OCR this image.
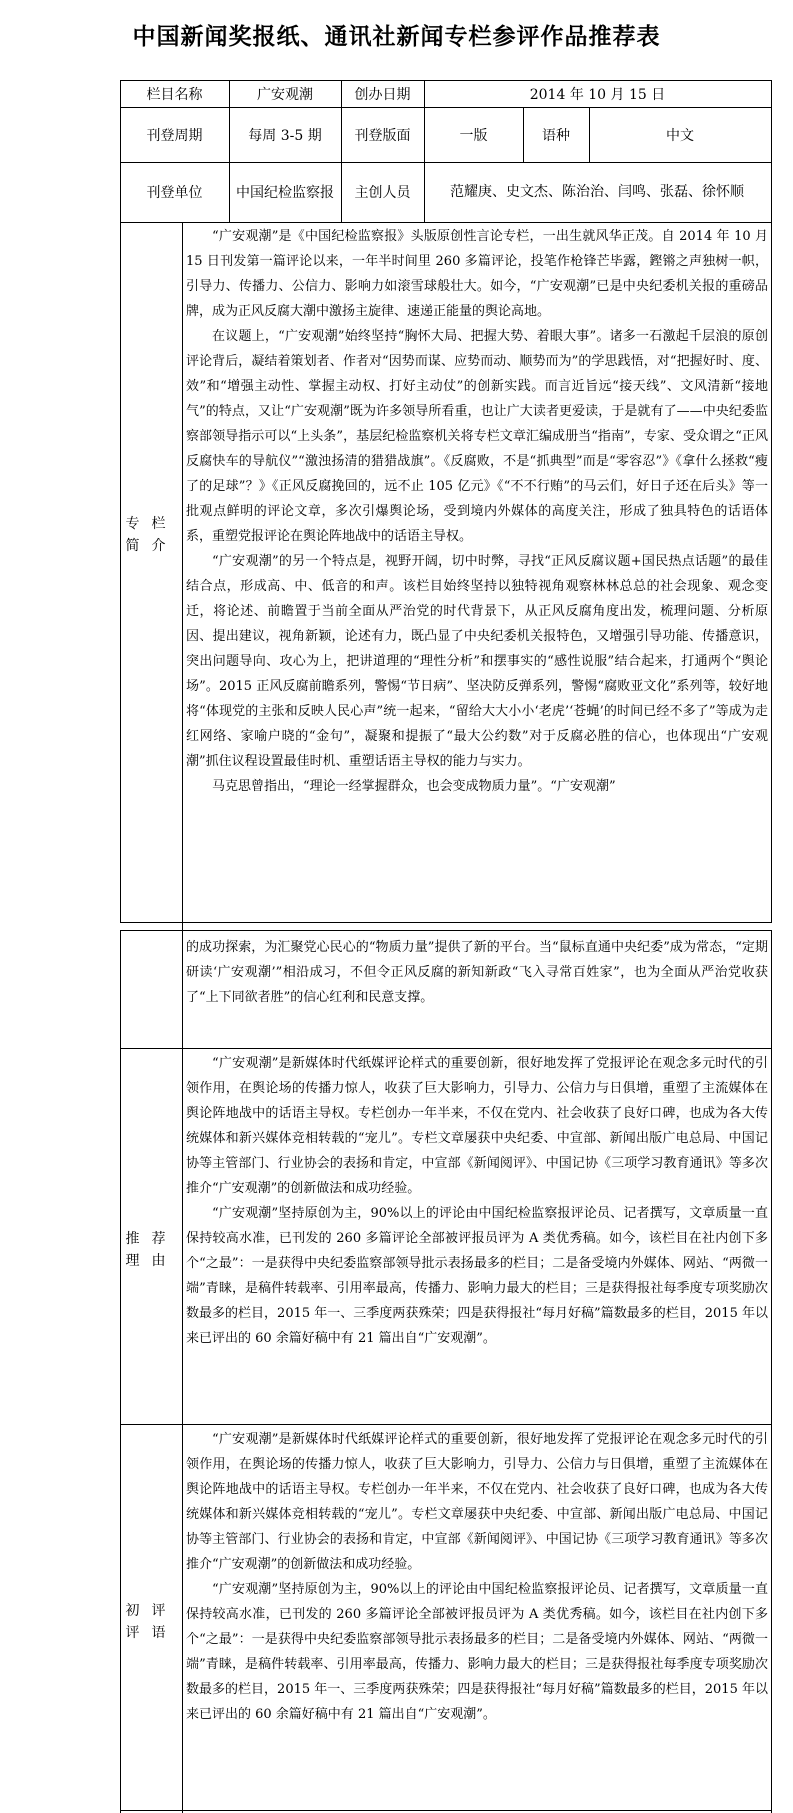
中国新闻奖报纸、通讯社新闻专栏参评作品推荐表
栏目名称	广安观潮	创办日期	2014 年 10 月 15 日
刊登周期	每周 3-5 期	刊登版面	一版	语种	中文
刊登单位	中国纪检监察报	主创人员	范耀庚、史文杰、陈治治、闫鸣、张磊、徐怀顺
专栏简介

“广安观潮”是《中国纪检监察报》头版原创性言论专栏，一出生就风华正茂。自 2014 年 10 月 15 日刊发第一篇评论以来，一年半时间里 260 多篇评论，投笔作枪锋芒毕露，鏗锵之声独树一帜，引导力、传播力、公信力、影响力如滚雪球般壮大。如今，“广安观潮”已是中央纪委机关报的重磅品牌，成为正风反腐大潮中激扬主旋律、速递正能量的舆论高地。

在议题上，“广安观潮”始终坚持“胸怀大局、把握大势、着眼大事”。诸多一石激起千层浪的原创评论背后，凝结着策划者、作者对“因势而谋、应势而动、顺势而为”的学思践悟，对“把握好时、度、效”和“增强主动性、掌握主动权、打好主动仗”的创新实践。而言近旨远“接天线”、文风清新“接地气”的特点，又让“广安观潮”既为许多领导所看重，也让广大读者更爱读，于是就有了——中央纪委监察部领导指示可以“上头条”，基层纪检监察机关将专栏文章汇编成册当“指南”，专家、受众谓之“正风反腐快车的导航仪”“激浊扬清的猎猎战旗”。《反腐败，不是“抓典型”而是“零容忍”》《拿什么拯救“瘦了的足球”？》《正风反腐挽回的，远不止 105 亿元》《“不不行贿”的马云们，好日子还在后头》等一批观点鲜明的评论文章，多次引爆舆论场，受到境内外媒体的高度关注，形成了独具特色的话语体系，重塑党报评论在舆论阵地战中的话语主导权。

“广安观潮”的另一个特点是，视野开阔，切中时弊，寻找“正风反腐议题+国民热点话题”的最佳结合点，形成高、中、低音的和声。该栏目始终坚持以独特视角观察林林总总的社会现象、观念变迁，将论述、前瞻置于当前全面从严治党的时代背景下，从正风反腐角度出发，梳理问题、分析原因、提出建议，视角新颖，论述有力，既凸显了中央纪委机关报特色，又增强引导功能、传播意识，突出问题导向、攻心为上，把讲道理的“理性分析”和摆事实的“感性说服”结合起来，打通两个“舆论场”。2015 正风反腐前瞻系列，警惕“节日病”、坚决防反弹系列，警惕“腐败亚文化”系列等，较好地将“体现党的主张和反映人民心声”统一起来，“留给大大小小‘老虎’‘苍蝇’的时间已经不多了”等成为走红网络、家喻户晓的“金句”，凝聚和提振了“最大公约数”对于反腐必胜的信心，也体现出“广安观潮”抓住议程设置最佳时机、重塑话语主导权的能力与实力。

马克思曾指出，“理论一经掌握群众，也会变成物质力量”。“广安观潮”

的成功探索，为汇聚党心民心的“物质力量”提供了新的平台。当“鼠标直通中央纪委”成为常态，“定期研读‘广安观潮’”相沿成习，不但令正风反腐的新知新政“飞入寻常百姓家”，也为全面从严治党收获了“上下同欲者胜”的信心红利和民意支撑。

推荐理由

“广安观潮”是新媒体时代纸媒评论样式的重要创新，很好地发挥了党报评论在观念多元时代的引领作用，在舆论场的传播力惊人，收获了巨大影响力，引导力、公信力与日俱增，重塑了主流媒体在舆论阵地战中的话语主导权。专栏创办一年半来，不仅在党内、社会收获了良好口碑，也成为各大传统媒体和新兴媒体竞相转载的“宠儿”。专栏文章屡获中央纪委、中宣部、新闻出版广电总局、中国记协等主管部门、行业协会的表扬和肯定，中宣部《新闻阅评》、中国记协《三项学习教育通讯》等多次推介“广安观潮”的创新做法和成功经验。

“广安观潮”坚持原创为主，90%以上的评论由中国纪检监察报评论员、记者撰写，文章质量一直保持较高水准，已刊发的 260 多篇评论全部被评报员评为 A 类优秀稿。如今，该栏目在社内创下多个“之最”：一是获得中央纪委监察部领导批示表扬最多的栏目；二是备受境内外媒体、网站、“两微一端”青睐，是稿件转载率、引用率最高，传播力、影响力最大的栏目；三是获得报社每季度专项奖励次数最多的栏目，2015 年一、三季度两获殊荣；四是获得报社“每月好稿”篇数最多的栏目，2015 年以来已评出的 60 余篇好稿中有 21 篇出自“广安观潮”。

初评评语

“广安观潮”是新媒体时代纸媒评论样式的重要创新，很好地发挥了党报评论在观念多元时代的引领作用，在舆论场的传播力惊人，收获了巨大影响力，引导力、公信力与日俱增，重塑了主流媒体在舆论阵地战中的话语主导权。专栏创办一年半来，不仅在党内、社会收获了良好口碑，也成为各大传统媒体和新兴媒体竞相转载的“宠儿”。专栏文章屡获中央纪委、中宣部、新闻出版广电总局、中国记协等主管部门、行业协会的表扬和肯定，中宣部《新闻阅评》、中国记协《三项学习教育通讯》等多次推介“广安观潮”的创新做法和成功经验。

“广安观潮”坚持原创为主，90%以上的评论由中国纪检监察报评论员、记者撰写，文章质量一直保持较高水准，已刊发的 260 多篇评论全部被评报员评为 A 类优秀稿。如今，该栏目在社内创下多个“之最”：一是获得中央纪委监察部领导批示表扬最多的栏目；二是备受境内外媒体、网站、“两微一端”青睐，是稿件转载率、引用率最高，传播力、影响力最大的栏目；三是获得报社每季度专项奖励次数最多的栏目，2015 年一、三季度两获殊荣；四是获得报社“每月好稿”篇数最多的栏目，2015 年以来已评出的 60 余篇好稿中有 21 篇出自“广安观潮”。
